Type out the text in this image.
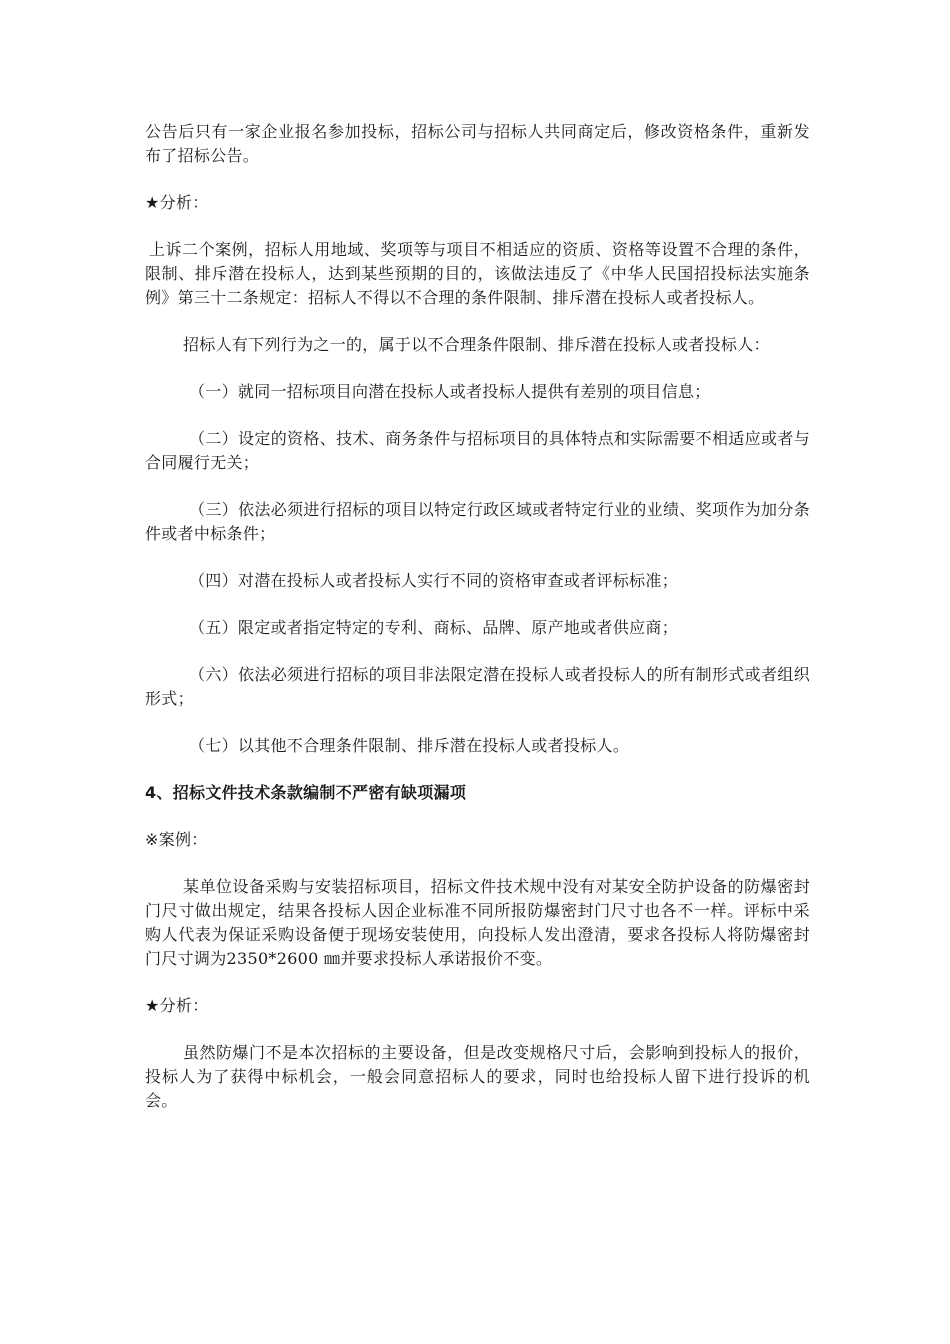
公告后只有一家企业报名参加投标，招标公司与招标人共同商定后，修改资格条件，重新发布了招标公告。

★分析：

上诉二个案例，招标人用地域、奖项等与项目不相适应的资质、资格等设置不合理的条件，限制、排斥潜在投标人，达到某些预期的目的，该做法违反了《中华人民国招投标法实施条例》第三十二条规定：招标人不得以不合理的条件限制、排斥潜在投标人或者投标人。

招标人有下列行为之一的，属于以不合理条件限制、排斥潜在投标人或者投标人：

（一）就同一招标项目向潜在投标人或者投标人提供有差别的项目信息；

（二）设定的资格、技术、商务条件与招标项目的具体特点和实际需要不相适应或者与合同履行无关；

（三）依法必须进行招标的项目以特定行政区域或者特定行业的业绩、奖项作为加分条件或者中标条件；

（四）对潜在投标人或者投标人实行不同的资格审查或者评标标准；

（五）限定或者指定特定的专利、商标、品牌、原产地或者供应商；

（六）依法必须进行招标的项目非法限定潜在投标人或者投标人的所有制形式或者组织形式；

（七）以其他不合理条件限制、排斥潜在投标人或者投标人。

4、招标文件技术条款编制不严密有缺项漏项

※案例：

某单位设备采购与安装招标项目，招标文件技术规中没有对某安全防护设备的防爆密封门尺寸做出规定，结果各投标人因企业标准不同所报防爆密封门尺寸也各不一样。评标中采购人代表为保证采购设备便于现场安装使用，向投标人发出澄清，要求各投标人将防爆密封门尺寸调为2350*2600 ㎜并要求投标人承诺报价不变。

★分析：

虽然防爆门不是本次招标的主要设备，但是改变规格尺寸后，会影响到投标人的报价，投标人为了获得中标机会，一般会同意招标人的要求，同时也给投标人留下进行投诉的机会。
